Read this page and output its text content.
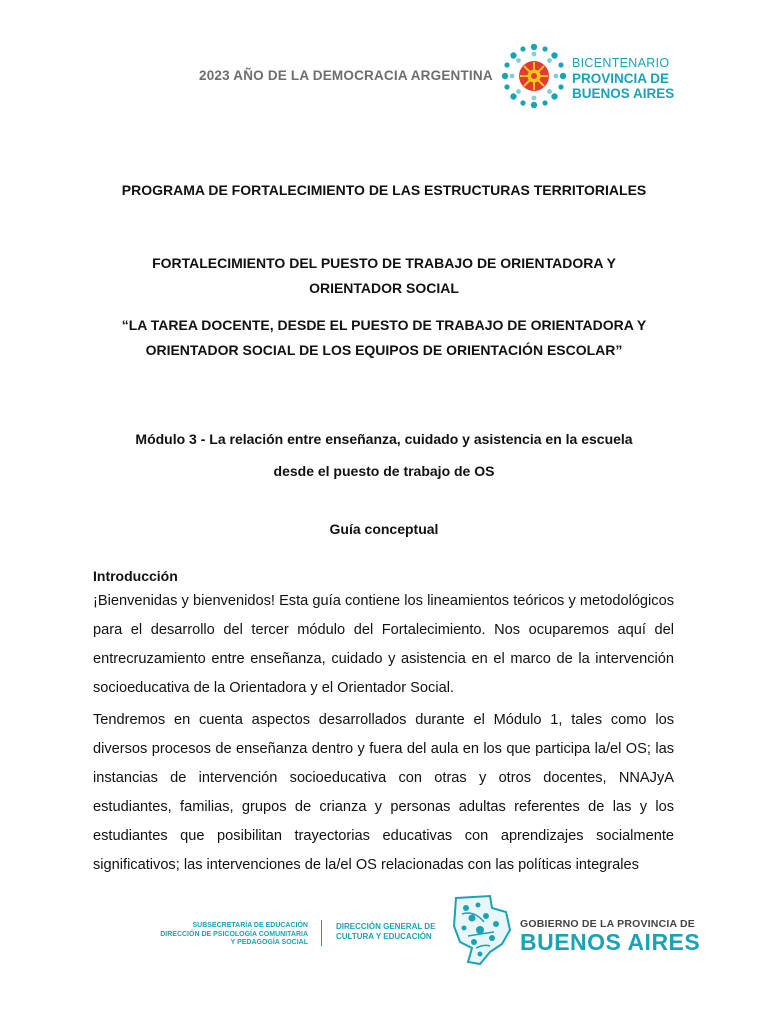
2023 AÑO DE LA DEMOCRACIA ARGENTINA
BICENTENARIO
PROVINCIA DE
BUENOS AIRES
PROGRAMA DE FORTALECIMIENTO DE LAS ESTRUCTURAS TERRITORIALES
FORTALECIMIENTO DEL PUESTO DE TRABAJO DE ORIENTADORA Y
ORIENTADOR SOCIAL
“LA TAREA DOCENTE, DESDE EL PUESTO DE TRABAJO DE ORIENTADORA Y
ORIENTADOR SOCIAL DE LOS EQUIPOS DE ORIENTACIÓN ESCOLAR”
Módulo 3 - La relación entre enseñanza, cuidado y asistencia en la escuela
desde el puesto de trabajo de OS
Guía conceptual
Introducción

¡Bienvenidas y bienvenidos! Esta guía contiene los lineamientos teóricos y metodológicos para el desarrollo del tercer módulo del Fortalecimiento. Nos ocuparemos aquí del entrecruzamiento entre enseñanza, cuidado y asistencia en el marco de la intervención socioeducativa de la Orientadora y el Orientador Social.

Tendremos en cuenta aspectos desarrollados durante el Módulo 1, tales como los diversos procesos de enseñanza dentro y fuera del aula en los que participa la/el OS; las instancias de intervención socioeducativa con otras y otros docentes, NNAJyA estudiantes, familias, grupos de crianza y personas adultas referentes de las y los estudiantes que posibilitan trayectorias educativas con aprendizajes socialmente significativos; las intervenciones de la/el OS relacionadas con las políticas integrales

SUBSECRETARÍA DE EDUCACIÓN
DIRECCIÓN DE PSICOLOGÍA COMUNITARIA
Y PEDAGOGÍA SOCIAL
DIRECCIÓN GENERAL DE
CULTURA Y EDUCACIÓN
GOBIERNO DE LA PROVINCIA DE
BUENOS AIRES
